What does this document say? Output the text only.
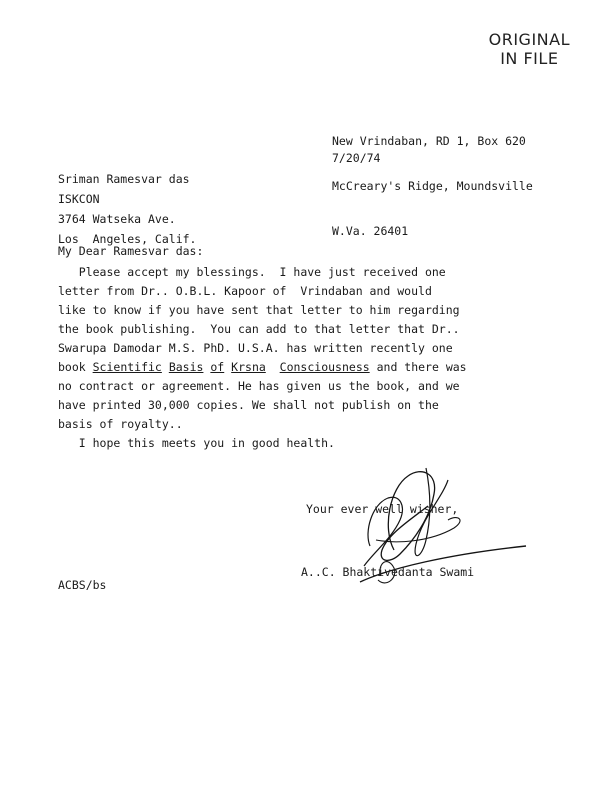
ORIGINAL
IN FILE

New Vrindaban, RD 1, Box 620

McCreary's Ridge, Moundsville

W.Va. 26401

7/20/74
Sriman Ramesvar das
ISKCON
3764 Watseka Ave.
Los  Angeles, Calif.
My Dear Ramesvar das:
Please accept my blessings.  I have just received one
letter from Dr.. O.B.L. Kapoor of  Vrindaban and would
like to know if you have sent that letter to him regarding
the book publishing.  You can add to that letter that Dr..
Swarupa Damodar M.S. PhD. U.S.A. has written recently one
book Scientific Basis of Krsna Consciousness and there was
no contract or agreement. He has given us the book, and we
have printed 30,000 copies. We shall not publish on the
basis of royalty..
I hope this meets you in good health.
Your ever well wisher,
A..C. Bhaktivedanta Swami
ACBS/bs
